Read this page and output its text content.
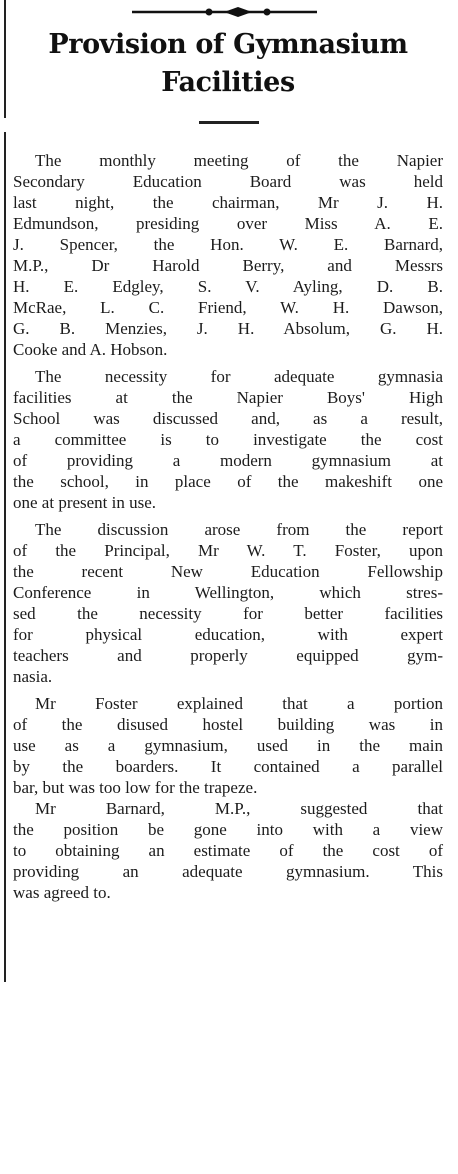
Provision of Gymnasium
Facilities

The monthly meeting of the Napier
Secondary Education Board was held
last night, the chairman, Mr J. H.
Edmundson, presiding over Miss A. E.
J. Spencer, the Hon. W. E. Barnard,
M.P., Dr Harold Berry, and Messrs
H. E. Edgley, S. V. Ayling, D. B.
McRae, L. C. Friend, W. H. Dawson,
G. B. Menzies, J. H. Absolum, G. H.
Cooke and A. Hobson.

The necessity for adequate gymnasia
facilities at the Napier Boys' High
School was discussed and, as a result,
a committee is to investigate the cost
of providing a modern gymnasium at
the school, in place of the makeshift one
one at present in use.

The discussion arose from the report
of the Principal, Mr W. T. Foster, upon
the recent New Education Fellowship
Conference in Wellington, which stres-
sed the necessity for better facilities
for physical education, with expert
teachers and properly equipped gym-
nasia.

Mr Foster explained that a portion
of the disused hostel building was in
use as a gymnasium, used in the main
by the boarders. It contained a parallel
bar, but was too low for the trapeze.

Mr Barnard, M.P., suggested that
the position be gone into with a view
to obtaining an estimate of the cost of
providing an adequate gymnasium. This
was agreed to.
